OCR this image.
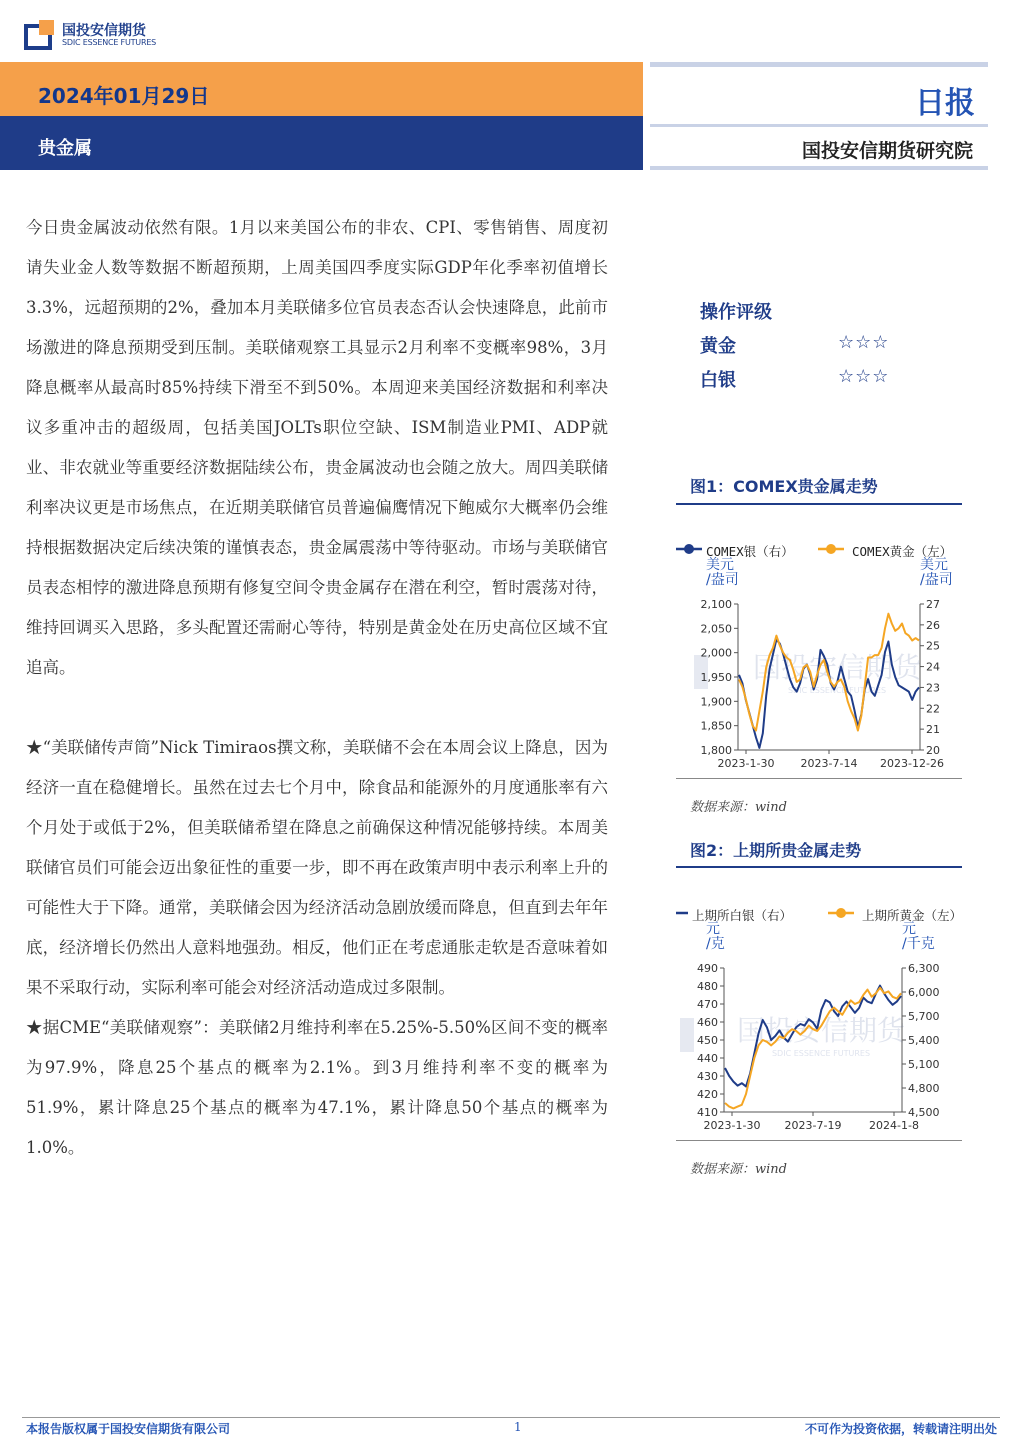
国投安信期货
SDIC ESSENCE FUTURES
2024年01月29日
贵金属
日报
国投安信期货研究院

今日贵金属波动依然有限。1月以来美国公布的非农、CPI、零售销售、周度初请失业金人数等数据不断超预期，上周美国四季度实际GDP年化季率初值增长3.3%，远超预期的2%，叠加本月美联储多位官员表态否认会快速降息，此前市场激进的降息预期受到压制。美联储观察工具显示2月利率不变概率98%，3月降息概率从最高时85%持续下滑至不到50%。本周迎来美国经济数据和利率决议多重冲击的超级周，包括美国JOLTs职位空缺、ISM制造业PMI、ADP就业、非农就业等重要经济数据陆续公布，贵金属波动也会随之放大。周四美联储利率决议更是市场焦点，在近期美联储官员普遍偏鹰情况下鲍威尔大概率仍会维持根据数据决定后续决策的谨慎表态，贵金属震荡中等待驱动。市场与美联储官员表态相悖的激进降息预期有修复空间令贵金属存在潜在利空，暂时震荡对待，维持回调买入思路，多头配置还需耐心等待，特别是黄金处在历史高位区域不宜追高。

★“美联储传声筒”Nick Timiraos撰文称，美联储不会在本周会议上降息，因为经济一直在稳健增长。虽然在过去七个月中，除食品和能源外的月度通胀率有六个月处于或低于2%，但美联储希望在降息之前确保这种情况能够持续。本周美联储官员们可能会迈出象征性的重要一步，即不再在政策声明中表示利率上升的可能性大于下降。通常，美联储会因为经济活动急剧放缓而降息，但直到去年年底，经济增长仍然出人意料地强劲。相反，他们正在考虑通胀走软是否意味着如果不采取行动，实际利率可能会对经济活动造成过多限制。

★据CME“美联储观察”：美联储2月维持利率在5.25%-5.50%区间不变的概率为97.9%，降息25个基点的概率为2.1%。到3月维持利率不变的概率为51.9%，累计降息25个基点的概率为47.1%，累计降息50个基点的概率为1.0%。

操作评级
黄金	☆☆☆
白银	☆☆☆
图1：COMEX贵金属走势
COMEX银（右）	COMEX黄金（左）
美元
/盎司
美元
/盎司
国投安信期货
SDIC ESSENCE FUTURES
2,100
2,050
2,000
1,950
1,900
1,850
1,800
27
26
25
24
23
22
21
20
2023-1-30 2023-7-14 2023-12-26
数据来源：wind
图2：上期所贵金属走势
上期所白银（右）	上期所黄金（左）
元
/克
元
/千克
国投安信期货
SDIC ESSENCE FUTURES
490
480
470
460
450
440
430
420
410
6,300
6,000
5,700
5,400
5,100
4,800
4,500
2023-1-30 2023-7-19	2024-1-8
数据来源：wind
本报告版权属于国投安信期货有限公司	1	不可作为投资依据，转载请注明出处
